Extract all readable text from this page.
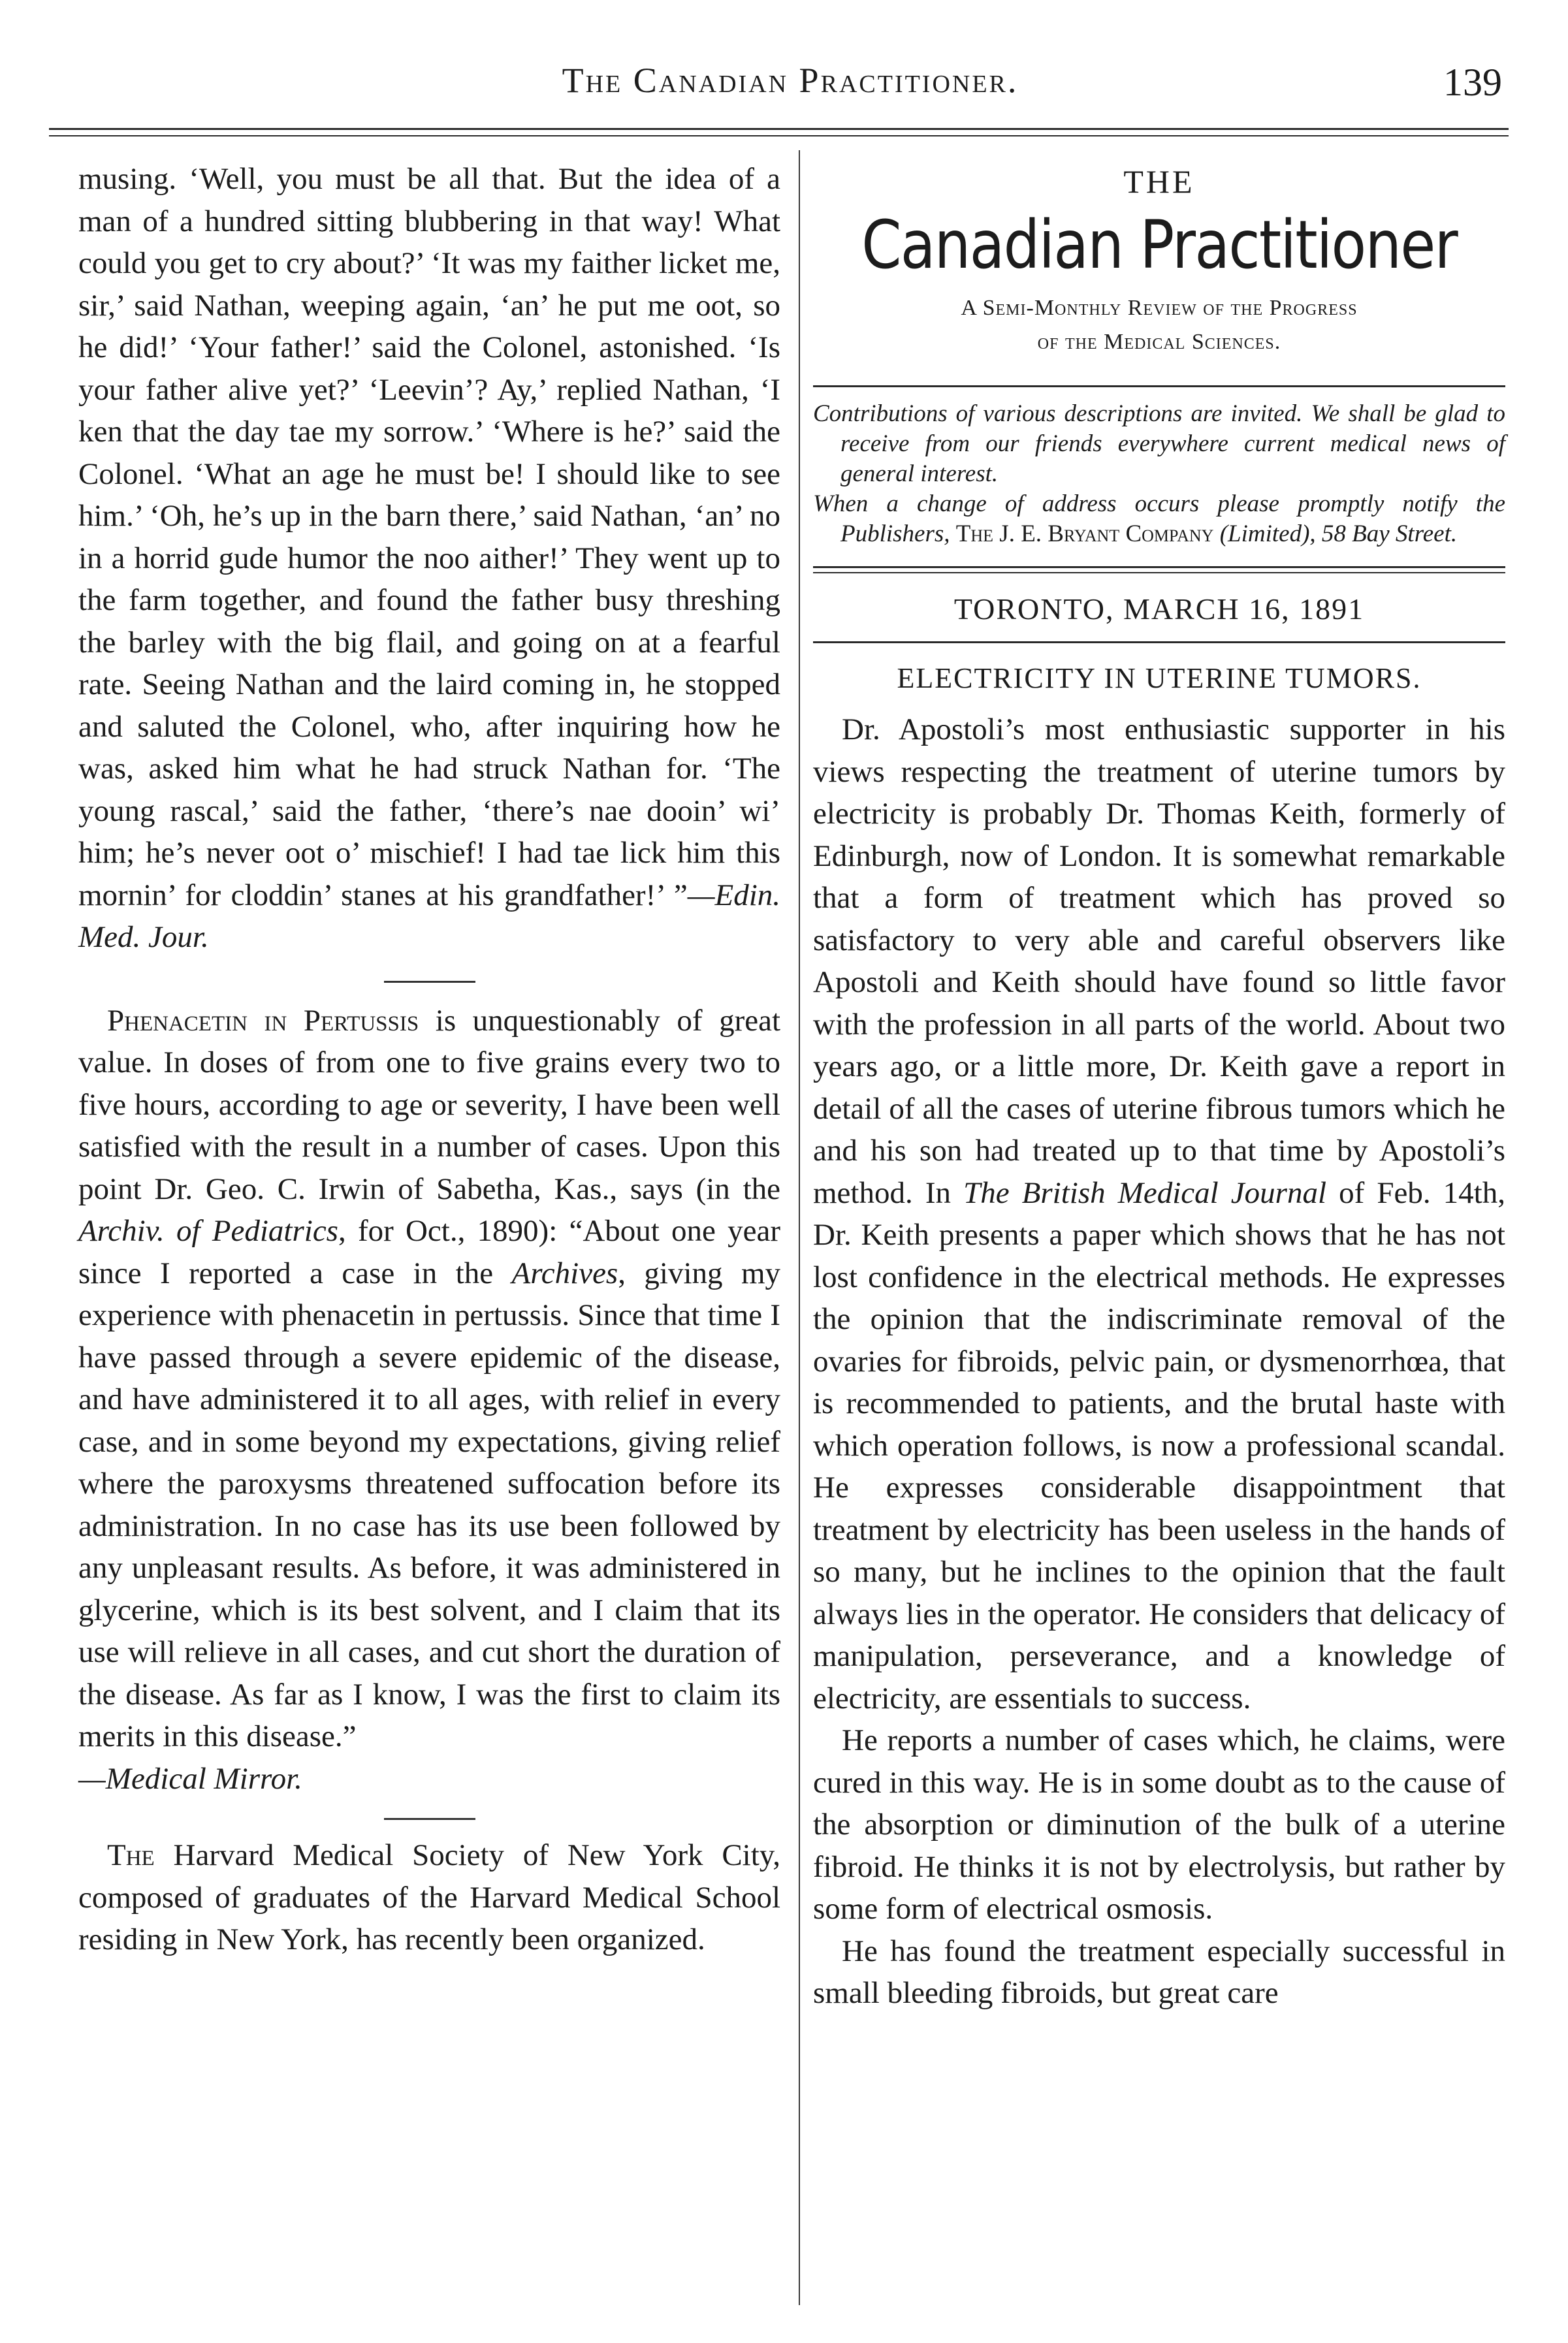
The Canadian Practitioner.	139

musing. ‘Well, you must be all that. But the idea of a man of a hundred sitting blubbering in that way! What could you get to cry about?’ ‘It was my faither licket me, sir,’ said Nathan, weeping again, ‘an’ he put me oot, so he did!’ ‘Your father!’ said the Colonel, astonished. ‘Is your father alive yet?’ ‘Leevin’? Ay,’ replied Nathan, ‘I ken that the day tae my sorrow.’ ‘Where is he?’ said the Colonel. ‘What an age he must be! I should like to see him.’ ‘Oh, he’s up in the barn there,’ said Nathan, ‘an’ no in a horrid gude humor the noo aither!’ They went up to the farm together, and found the father busy threshing the barley with the big flail, and going on at a fearful rate. Seeing Nathan and the laird coming in, he stopped and saluted the Colonel, who, after inquiring how he was, asked him what he had struck Nathan for. ‘The young rascal,’ said the father, ‘there’s nae dooin’ wi’ him; he’s never oot o’ mischief! I had tae lick him this mornin’ for cloddin’ stanes at his grandfather!’ ”—Edin. Med. Jour.

Phenacetin in Pertussis is unquestionably of great value. In doses of from one to five grains every two to five hours, according to age or severity, I have been well satisfied with the result in a number of cases. Upon this point Dr. Geo. C. Irwin of Sabetha, Kas., says (in the Archiv. of Pediatrics, for Oct., 1890): “About one year since I reported a case in the Archives, giving my experience with phenacetin in pertussis. Since that time I have passed through a severe epidemic of the disease, and have administered it to all ages, with relief in every case, and in some beyond my expectations, giving relief where the paroxysms threatened suffocation before its administration. In no case has its use been followed by any unpleasant results. As before, it was administered in glycerine, which is its best solvent, and I claim that its use will relieve in all cases, and cut short the duration of the disease. As far as I know, I was the first to claim its merits in this disease.”

—Medical Mirror.

The Harvard Medical Society of New York City, composed of graduates of the Harvard Medical School residing in New York, has recently been organized.

THE
Canadian Practitioner
A Semi-Monthly Review of the Progress
of the Medical Sciences.

Contributions of various descriptions are invited. We shall be glad to receive from our friends everywhere current medical news of general interest.

When a change of address occurs please promptly notify the Publishers, The J. E. Bryant Company (Limited), 58 Bay Street.

TORONTO, MARCH 16, 1891
ELECTRICITY IN UTERINE TUMORS.

Dr. Apostoli’s most enthusiastic supporter in his views respecting the treatment of uterine tumors by electricity is probably Dr. Thomas Keith, formerly of Edinburgh, now of London. It is somewhat remarkable that a form of treatment which has proved so satisfactory to very able and careful observers like Apostoli and Keith should have found so little favor with the profession in all parts of the world. About two years ago, or a little more, Dr. Keith gave a report in detail of all the cases of uterine fibrous tumors which he and his son had treated up to that time by Apostoli’s method. In The British Medical Journal of Feb. 14th, Dr. Keith presents a paper which shows that he has not lost confidence in the electrical methods. He expresses the opinion that the indiscriminate removal of the ovaries for fibroids, pelvic pain, or dysmenorrhœa, that is recommended to patients, and the brutal haste with which operation follows, is now a professional scandal. He expresses considerable disappointment that treatment by electricity has been useless in the hands of so many, but he inclines to the opinion that the fault always lies in the operator. He considers that delicacy of manipulation, perseverance, and a knowledge of electricity, are essentials to success.

He reports a number of cases which, he claims, were cured in this way. He is in some doubt as to the cause of the absorption or diminution of the bulk of a uterine fibroid. He thinks it is not by electrolysis, but rather by some form of electrical osmosis.

He has found the treatment especially successful in small bleeding fibroids, but great care
